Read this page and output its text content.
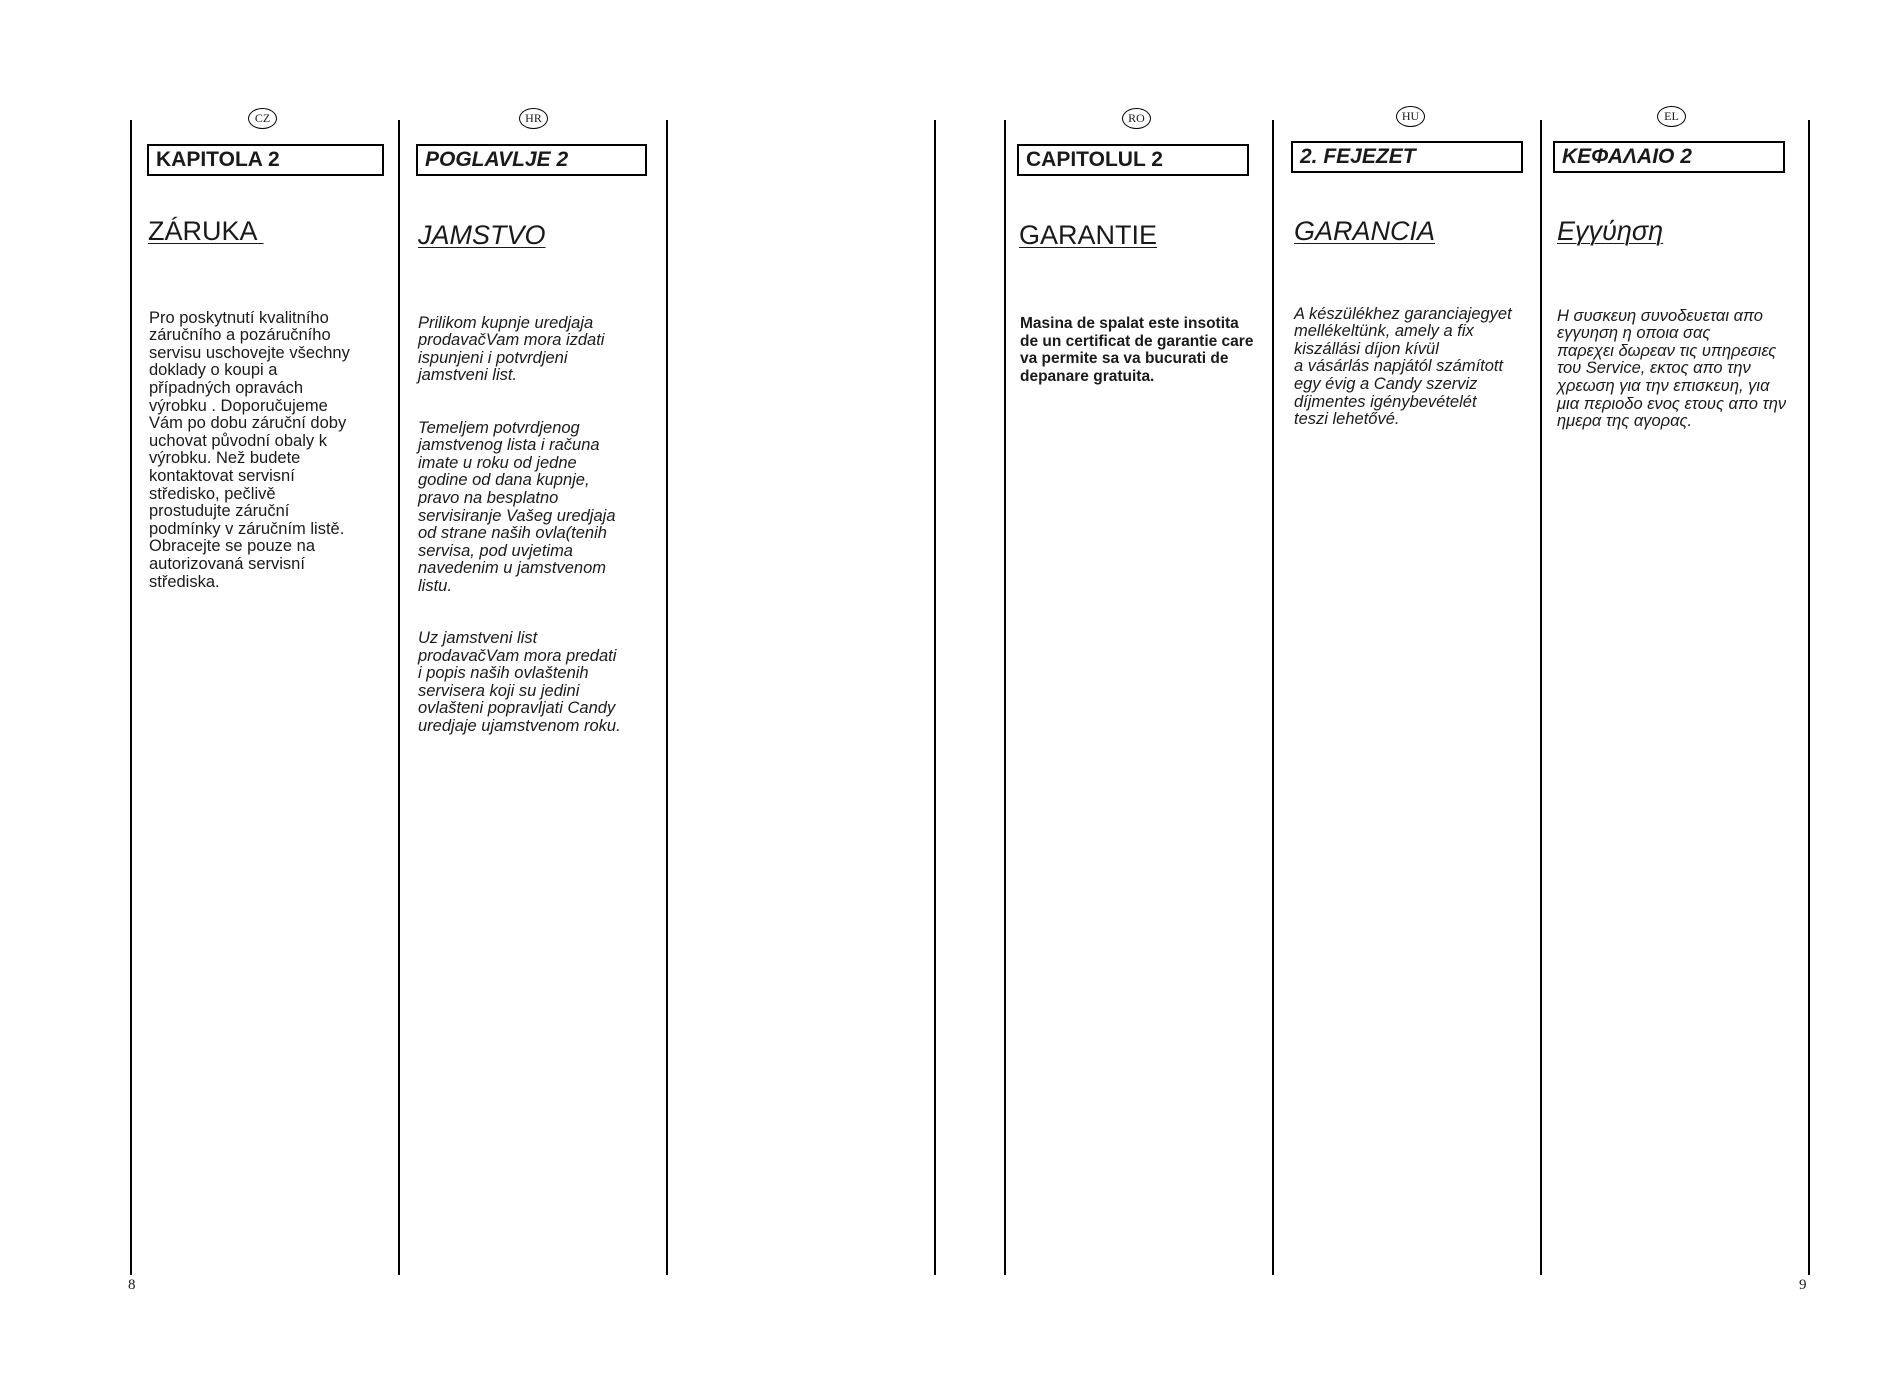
CZ
KAPITOLA 2
ZÁRUKA

Pro poskytnutí kvalitního
záručního a pozáručního
servisu uschovejte všechny
doklady o koupi a
případných opravách
výrobku . Doporučujeme
Vám po dobu záruční doby
uchovat původní obaly k
výrobku. Než budete
kontaktovat servisní
středisko, pečlivě
prostudujte záruční
podmínky v záručním listě.
Obracejte se pouze na
autorizovaná servisní
střediska.

HR
POGLAVLJE 2
JAMSTVO

Prilikom kupnje uredjaja
prodavačVam mora izdati
ispunjeni i potvrdjeni
jamstveni list.

Temeljem potvrdjenog
jamstvenog lista i računa
imate u roku od jedne
godine od dana kupnje,
pravo na besplatno
servisiranje Vašeg uredjaja
od strane naših ovla(tenih
servisa, pod uvjetima
navedenim u jamstvenom
listu.

Uz jamstveni list
prodavačVam mora predati
i popis naših ovlaštenih
servisera koji su jedini
ovlašteni popravljati Candy
uredjaje ujamstvenom roku.

RO
CAPITOLUL 2
GARANTIE

Masina de spalat este insotita
de un certificat de garantie care
va permite sa va bucurati de
depanare gratuita.

HU
2. FEJEZET
GARANCIA

A készülékhez garanciajegyet
mellékeltünk, amely a fix
kiszállási díjon kívül
a vásárlás napjától számított
egy évig a Candy szerviz
díjmentes igénybevételét
teszi lehetővé.

EL
ΚΕΦΑΛΑΙΟ 2
Εγγύηση

Η συσκευη συνοδευεται απο
εγγυηση η οποια σας
παρεχει δωρεαν τις υπηρεσιες
του Service, εκτος απο την
χρεωση για την επισκευη, για
μια περιοδο ενος ετους απο την
ημερα της αγορας.

8	9
